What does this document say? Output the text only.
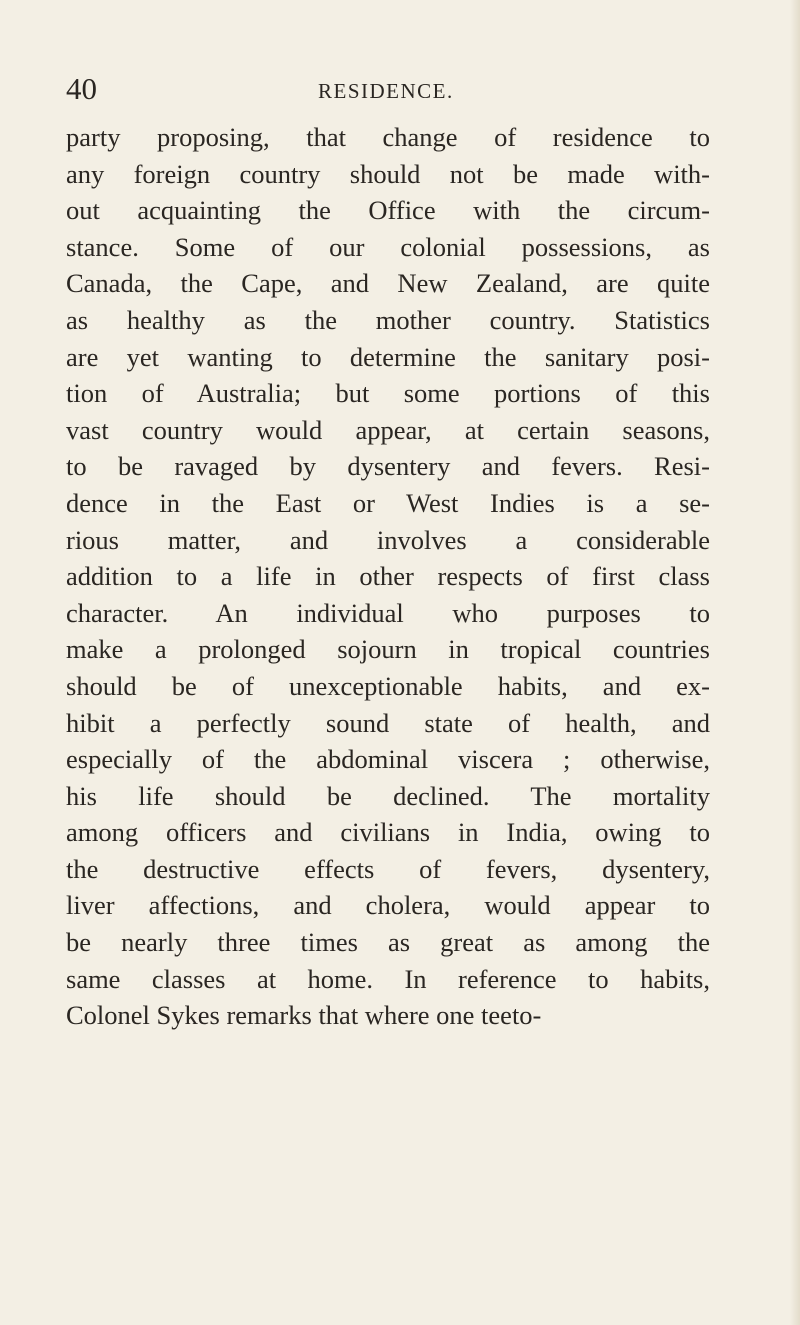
40	RESIDENCE.
party proposing, that change of residence to
any foreign country should not be made with-
out acquainting the Office with the circum-
stance. Some of our colonial possessions, as
Canada, the Cape, and New Zealand, are quite
as healthy as the mother country. Statistics
are yet wanting to determine the sanitary posi-
tion of Australia; but some portions of this
vast country would appear, at certain seasons,
to be ravaged by dysentery and fevers. Resi-
dence in the East or West Indies is a se-
rious matter, and involves a considerable
addition to a life in other respects of first class
character. An individual who purposes to
make a prolonged sojourn in tropical countries
should be of unexceptionable habits, and ex-
hibit a perfectly sound state of health, and
especially of the abdominal viscera ; otherwise,
his life should be declined. The mortality
among officers and civilians in India, owing to
the destructive effects of fevers, dysentery,
liver affections, and cholera, would appear to
be nearly three times as great as among the
same classes at home. In reference to habits,
Colonel Sykes remarks that where one teeto-
